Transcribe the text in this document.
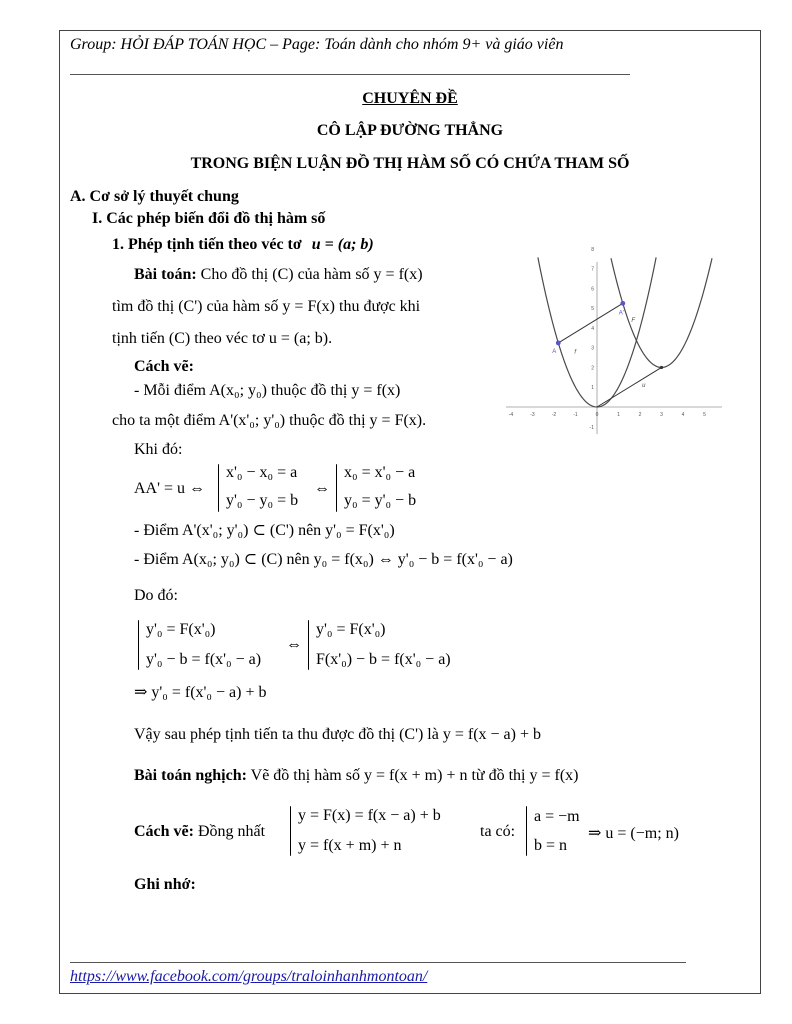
Group: HỎI ĐÁP TOÁN HỌC – Page: Toán dành cho nhóm 9+ và giáo viên
CHUYÊN ĐỀ
CÔ LẬP ĐƯỜNG THẲNG
TRONG BIỆN LUẬN ĐỒ THỊ HÀM SỐ CÓ CHỨA THAM SỐ
A. Cơ sở lý thuyết chung
I. Các phép biến đổi đồ thị hàm số
1. Phép tịnh tiến theo véc tơ u = (a; b)
Bài toán: Cho đồ thị (C) của hàm số y = f(x)
tìm đồ thị (C') của hàm số y = F(x) thu được khi
tịnh tiến (C) theo véc tơ u = (a; b).
Cách vẽ:
- Mỗi điểm A(x₀; y₀) thuộc đồ thị y = f(x)
cho ta một điểm A'(x'₀; y'₀) thuộc đồ thị y = F(x).
Khi đó:
AA' = u ⇔
x'₀ − x₀ = a
y'₀ − y₀ = b
⇔
x₀ = x'₀ − a
y₀ = y'₀ − b
- Điểm A'(x'₀; y'₀) ⊂ (C') nên y'₀ = F(x'₀)
- Điểm A(x₀; y₀) ⊂ (C) nên y₀ = f(x₀) ⇔ y'₀ − b = f(x'₀ − a)
Do đó:
y'₀ = F(x'₀)
y'₀ − b = f(x'₀ − a)
⇔
y'₀ = F(x'₀)
F(x'₀) − b = f(x'₀ − a)
⇒ y'₀ = f(x'₀ − a) + b
Vậy sau phép tịnh tiến ta thu được đồ thị (C') là y = f(x − a) + b
Bài toán nghịch: Vẽ đồ thị hàm số y = f(x + m) + n từ đồ thị y = f(x)
Cách vẽ: Đồng nhất
y = F(x) = f(x − a) + b
y = f(x + m) + n
ta có:
a = −m
b = n
⇒ u = (−m; n)
Ghi nhớ:
-4	-3	-2	-1	0	1	2	3	4	5
1
2
3
4
5
6
7
8
-1
A
A'
f
F
u
https://www.facebook.com/groups/traloinhanhmontoan/
